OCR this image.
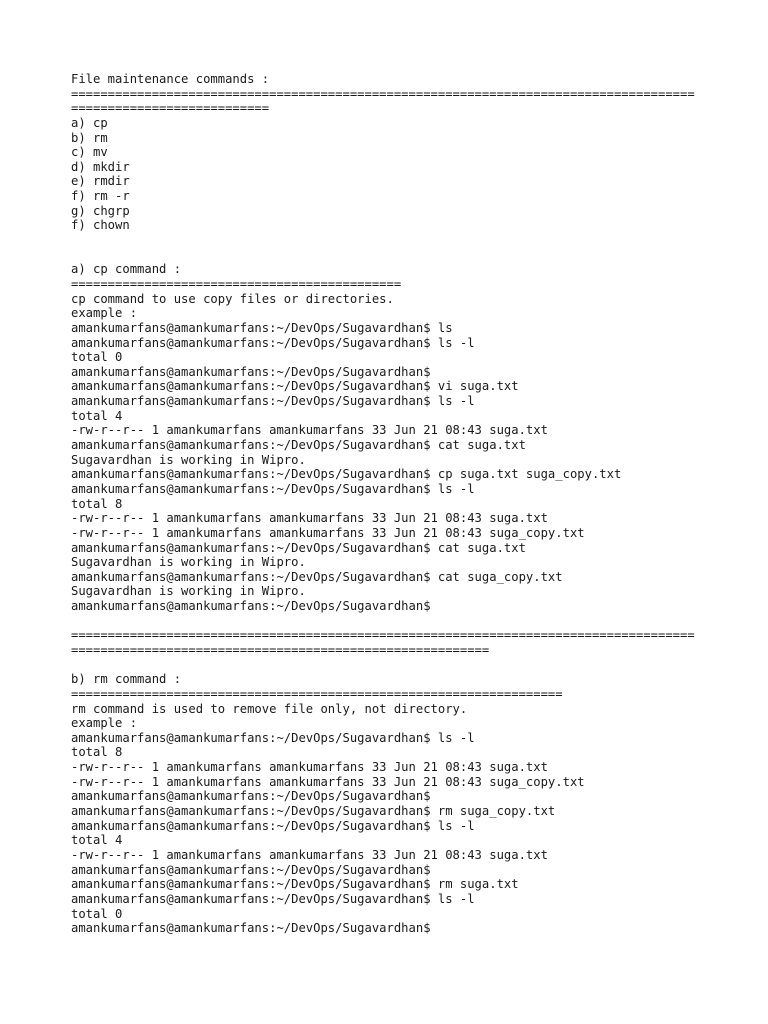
File maintenance commands :
=====================================================================================
===========================
a) cp
b) rm
c) mv
d) mkdir
e) rmdir
f) rm -r
g) chgrp
f) chown
a) cp command :
=============================================
cp command to use copy files or directories.
example :
amankumarfans@amankumarfans:~/DevOps/Sugavardhan$ ls
amankumarfans@amankumarfans:~/DevOps/Sugavardhan$ ls -l
total 0
amankumarfans@amankumarfans:~/DevOps/Sugavardhan$
amankumarfans@amankumarfans:~/DevOps/Sugavardhan$ vi suga.txt
amankumarfans@amankumarfans:~/DevOps/Sugavardhan$ ls -l
total 4
-rw-r--r-- 1 amankumarfans amankumarfans 33 Jun 21 08:43 suga.txt
amankumarfans@amankumarfans:~/DevOps/Sugavardhan$ cat suga.txt
Sugavardhan is working in Wipro.
amankumarfans@amankumarfans:~/DevOps/Sugavardhan$ cp suga.txt suga_copy.txt
amankumarfans@amankumarfans:~/DevOps/Sugavardhan$ ls -l
total 8
-rw-r--r-- 1 amankumarfans amankumarfans 33 Jun 21 08:43 suga.txt
-rw-r--r-- 1 amankumarfans amankumarfans 33 Jun 21 08:43 suga_copy.txt
amankumarfans@amankumarfans:~/DevOps/Sugavardhan$ cat suga.txt
Sugavardhan is working in Wipro.
amankumarfans@amankumarfans:~/DevOps/Sugavardhan$ cat suga_copy.txt
Sugavardhan is working in Wipro.
amankumarfans@amankumarfans:~/DevOps/Sugavardhan$
=====================================================================================
=========================================================
b) rm command :
===================================================================
rm command is used to remove file only, not directory.
example :
amankumarfans@amankumarfans:~/DevOps/Sugavardhan$ ls -l
total 8
-rw-r--r-- 1 amankumarfans amankumarfans 33 Jun 21 08:43 suga.txt
-rw-r--r-- 1 amankumarfans amankumarfans 33 Jun 21 08:43 suga_copy.txt
amankumarfans@amankumarfans:~/DevOps/Sugavardhan$
amankumarfans@amankumarfans:~/DevOps/Sugavardhan$ rm suga_copy.txt
amankumarfans@amankumarfans:~/DevOps/Sugavardhan$ ls -l
total 4
-rw-r--r-- 1 amankumarfans amankumarfans 33 Jun 21 08:43 suga.txt
amankumarfans@amankumarfans:~/DevOps/Sugavardhan$
amankumarfans@amankumarfans:~/DevOps/Sugavardhan$ rm suga.txt
amankumarfans@amankumarfans:~/DevOps/Sugavardhan$ ls -l
total 0
amankumarfans@amankumarfans:~/DevOps/Sugavardhan$
